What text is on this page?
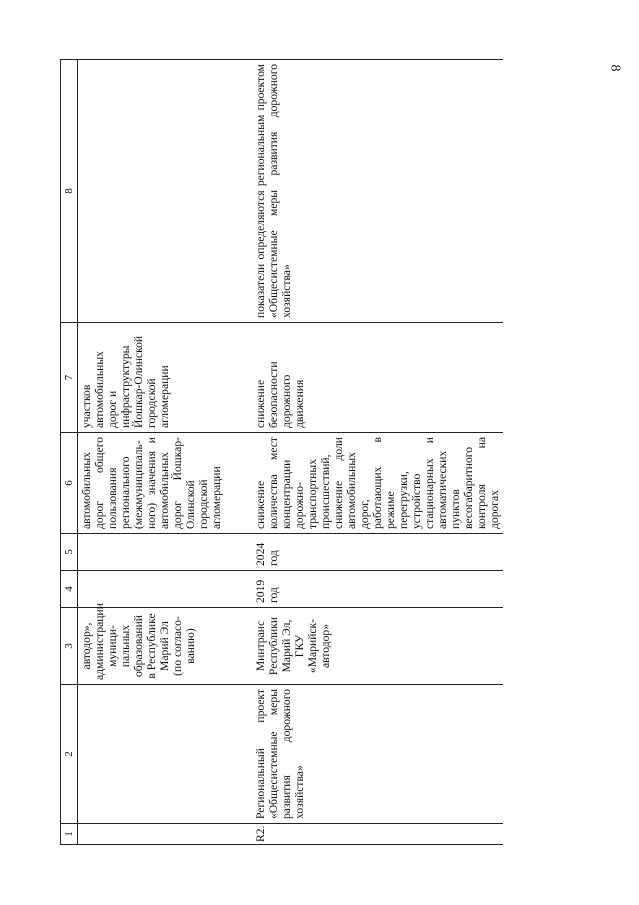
8
1	2	3	4	5	6	7	8
		автодор», администрации муници-пальных образований в Республике Марий Эл (по согласо-ванию)			автомобильных дорог общего пользования регионального (межмуниципаль-ного) значения и автомобильных дорог Йошкар-Олинской городской агломерации	участков автомобильных дорог и инфраструктуры Йошкар-Олинской городской агломерации	
R2.	Региональный проект «Общесистемные меры развития дорожного хозяйства»	Минтранс Республики Марий Эл, ГКУ «Марийск-автодор»	2019 год	2024 год	снижение количества мест концентрации дорожно-транспортных происшествий, снижение доли автомобильных дорог, работающих в режиме перегрузки, устройство стационарных и автоматических пунктов весогабаритного контроля на дорогах	снижение безопасности дорожного движения	показатели определяются региональным проектом «Общесистемные меры развития дорожного хозяйства»
